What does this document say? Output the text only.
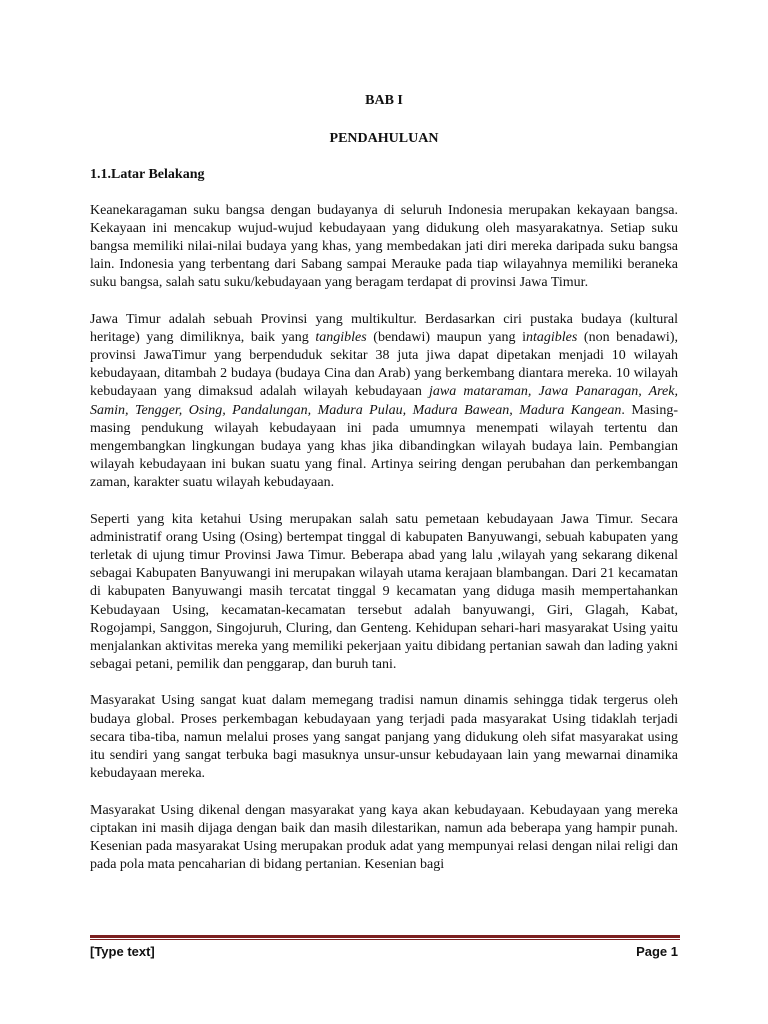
BAB I

PENDAHULUAN

1.1.Latar Belakang

Keanekaragaman suku bangsa dengan budayanya di seluruh Indonesia merupakan kekayaan bangsa. Kekayaan ini mencakup wujud-wujud kebudayaan yang didukung oleh masyarakatnya. Setiap suku bangsa memiliki nilai-nilai budaya yang khas, yang membedakan jati diri mereka daripada suku bangsa lain. Indonesia yang terbentang dari Sabang sampai Merauke pada tiap wilayahnya memiliki beraneka suku bangsa, salah satu suku/kebudayaan yang beragam terdapat di provinsi Jawa Timur.

Jawa Timur adalah sebuah Provinsi yang multikultur. Berdasarkan ciri pustaka budaya (kultural heritage) yang dimiliknya, baik yang tangibles (bendawi) maupun yang intagibles (non benadawi), provinsi JawaTimur yang berpenduduk sekitar 38 juta jiwa dapat dipetakan menjadi 10 wilayah kebudayaan, ditambah 2 budaya (budaya Cina dan Arab) yang berkembang diantara mereka. 10 wilayah kebudayaan yang dimaksud adalah wilayah kebudayaan jawa mataraman, Jawa Panaragan, Arek, Samin, Tengger, Osing, Pandalungan, Madura Pulau, Madura Bawean, Madura Kangean. Masing-masing pendukung wilayah kebudayaan ini pada umumnya menempati wilayah tertentu dan mengembangkan lingkungan budaya yang khas jika dibandingkan wilayah budaya lain. Pembangian wilayah kebudayaan ini bukan suatu yang final. Artinya seiring dengan perubahan dan perkembangan zaman, karakter suatu wilayah kebudayaan.

Seperti yang kita ketahui Using merupakan salah satu pemetaan kebudayaan Jawa Timur. Secara administratif orang Using (Osing) bertempat tinggal di kabupaten Banyuwangi, sebuah kabupaten yang terletak di ujung timur Provinsi Jawa Timur. Beberapa abad yang lalu ,wilayah yang sekarang dikenal sebagai Kabupaten Banyuwangi ini merupakan wilayah utama kerajaan blambangan. Dari 21 kecamatan di kabupaten Banyuwangi masih tercatat tinggal 9 kecamatan yang diduga masih mempertahankan Kebudayaan Using, kecamatan-kecamatan tersebut adalah banyuwangi, Giri, Glagah, Kabat, Rogojampi, Sanggon, Singojuruh, Cluring, dan Genteng. Kehidupan sehari-hari masyarakat Using yaitu menjalankan aktivitas mereka yang memiliki pekerjaan yaitu dibidang pertanian sawah dan lading yakni sebagai petani, pemilik dan penggarap, dan buruh tani.

Masyarakat Using sangat kuat dalam memegang tradisi namun dinamis sehingga tidak tergerus oleh budaya global. Proses perkembagan kebudayaan yang terjadi pada masyarakat Using tidaklah terjadi secara tiba-tiba, namun melalui proses yang sangat panjang yang didukung oleh sifat masyarakat using itu sendiri yang sangat terbuka bagi masuknya unsur-unsur kebudayaan lain yang mewarnai dinamika kebudayaan mereka.

Masyarakat Using dikenal dengan masyarakat yang kaya akan kebudayaan. Kebudayaan yang mereka ciptakan ini masih dijaga dengan baik dan masih dilestarikan, namun ada beberapa yang hampir punah. Kesenian pada masyarakat Using merupakan produk adat yang mempunyai relasi dengan nilai religi dan pada pola mata pencaharian di bidang pertanian. Kesenian bagi

[Type text]	Page 1
